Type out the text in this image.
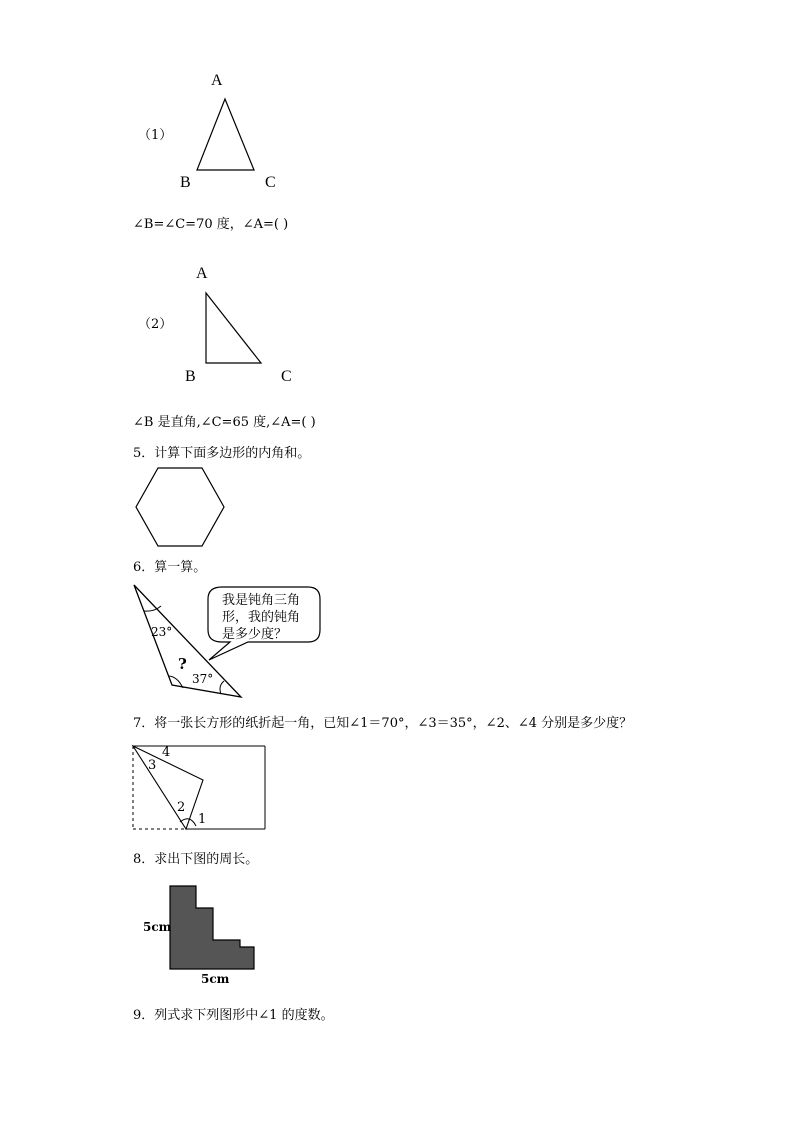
（1）
A
B	C
∠B=∠C=70 度，∠A=( )
（2）
A
B	C
∠B 是直角,∠C=65 度,∠A=( )
5．计算下面多边形的内角和。
6．算一算。
23°
37°
?
我是钝角三角
形，我的钝角
是多少度？
7．将一张长方形的纸折起一角，已知∠1＝70°，∠3＝35°，∠2、∠4 分别是多少度？
4
3
2
1
8．求出下图的周长。
5cm
5cm
9．列式求下列图形中∠1 的度数。
